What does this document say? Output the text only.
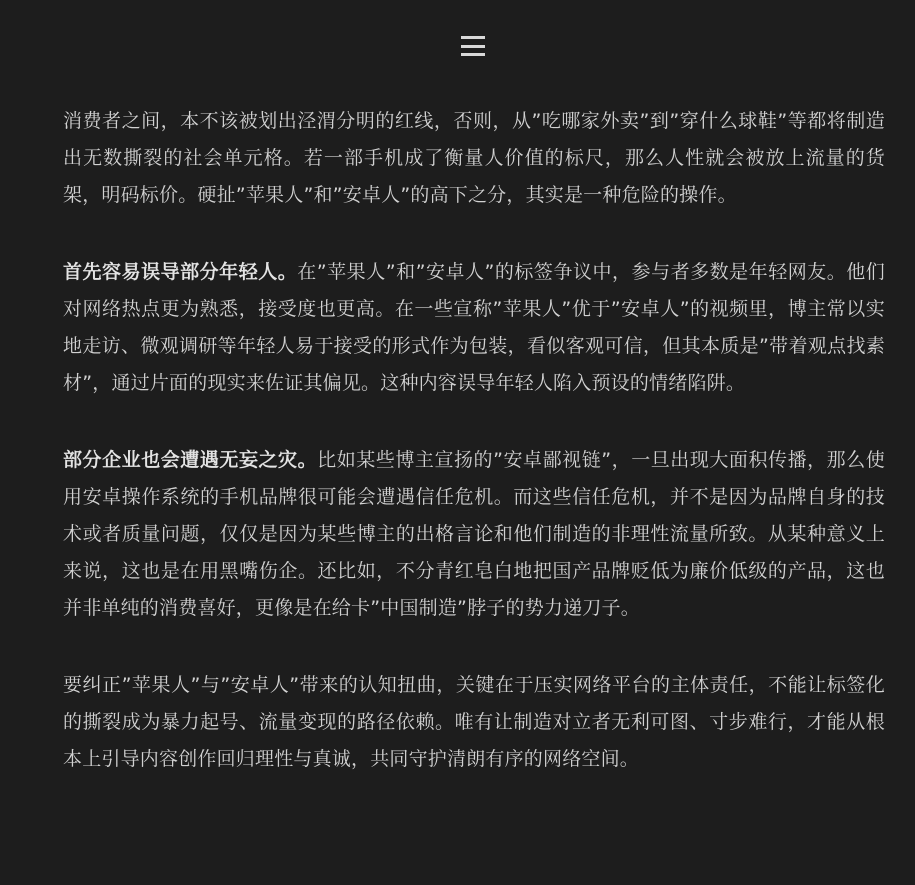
消费者之间，本不该被划出泾渭分明的红线，否则，从”吃哪家外卖”到”穿什么球鞋”等都将制造出无数撕裂的社会单元格。若一部手机成了衡量人价值的标尺，那么人性就会被放上流量的货架，明码标价。硬扯”苹果人”和”安卓人”的高下之分，其实是一种危险的操作。

首先容易误导部分年轻人。在”苹果人”和”安卓人”的标签争议中，参与者多数是年轻网友。他们对网络热点更为熟悉，接受度也更高。在一些宣称”苹果人”优于”安卓人”的视频里，博主常以实地走访、微观调研等年轻人易于接受的形式作为包装，看似客观可信，但其本质是”带着观点找素材”，通过片面的现实来佐证其偏见。这种内容误导年轻人陷入预设的情绪陷阱。

部分企业也会遭遇无妄之灾。比如某些博主宣扬的”安卓鄙视链”，一旦出现大面积传播，那么使用安卓操作系统的手机品牌很可能会遭遇信任危机。而这些信任危机，并不是因为品牌自身的技术或者质量问题，仅仅是因为某些博主的出格言论和他们制造的非理性流量所致。从某种意义上来说，这也是在用黑嘴伤企。还比如，不分青红皂白地把国产品牌贬低为廉价低级的产品，这也并非单纯的消费喜好，更像是在给卡”中国制造”脖子的势力递刀子。

要纠正”苹果人”与”安卓人”带来的认知扭曲，关键在于压实网络平台的主体责任，不能让标签化的撕裂成为暴力起号、流量变现的路径依赖。唯有让制造对立者无利可图、寸步难行，才能从根本上引导内容创作回归理性与真诚，共同守护清朗有序的网络空间。
